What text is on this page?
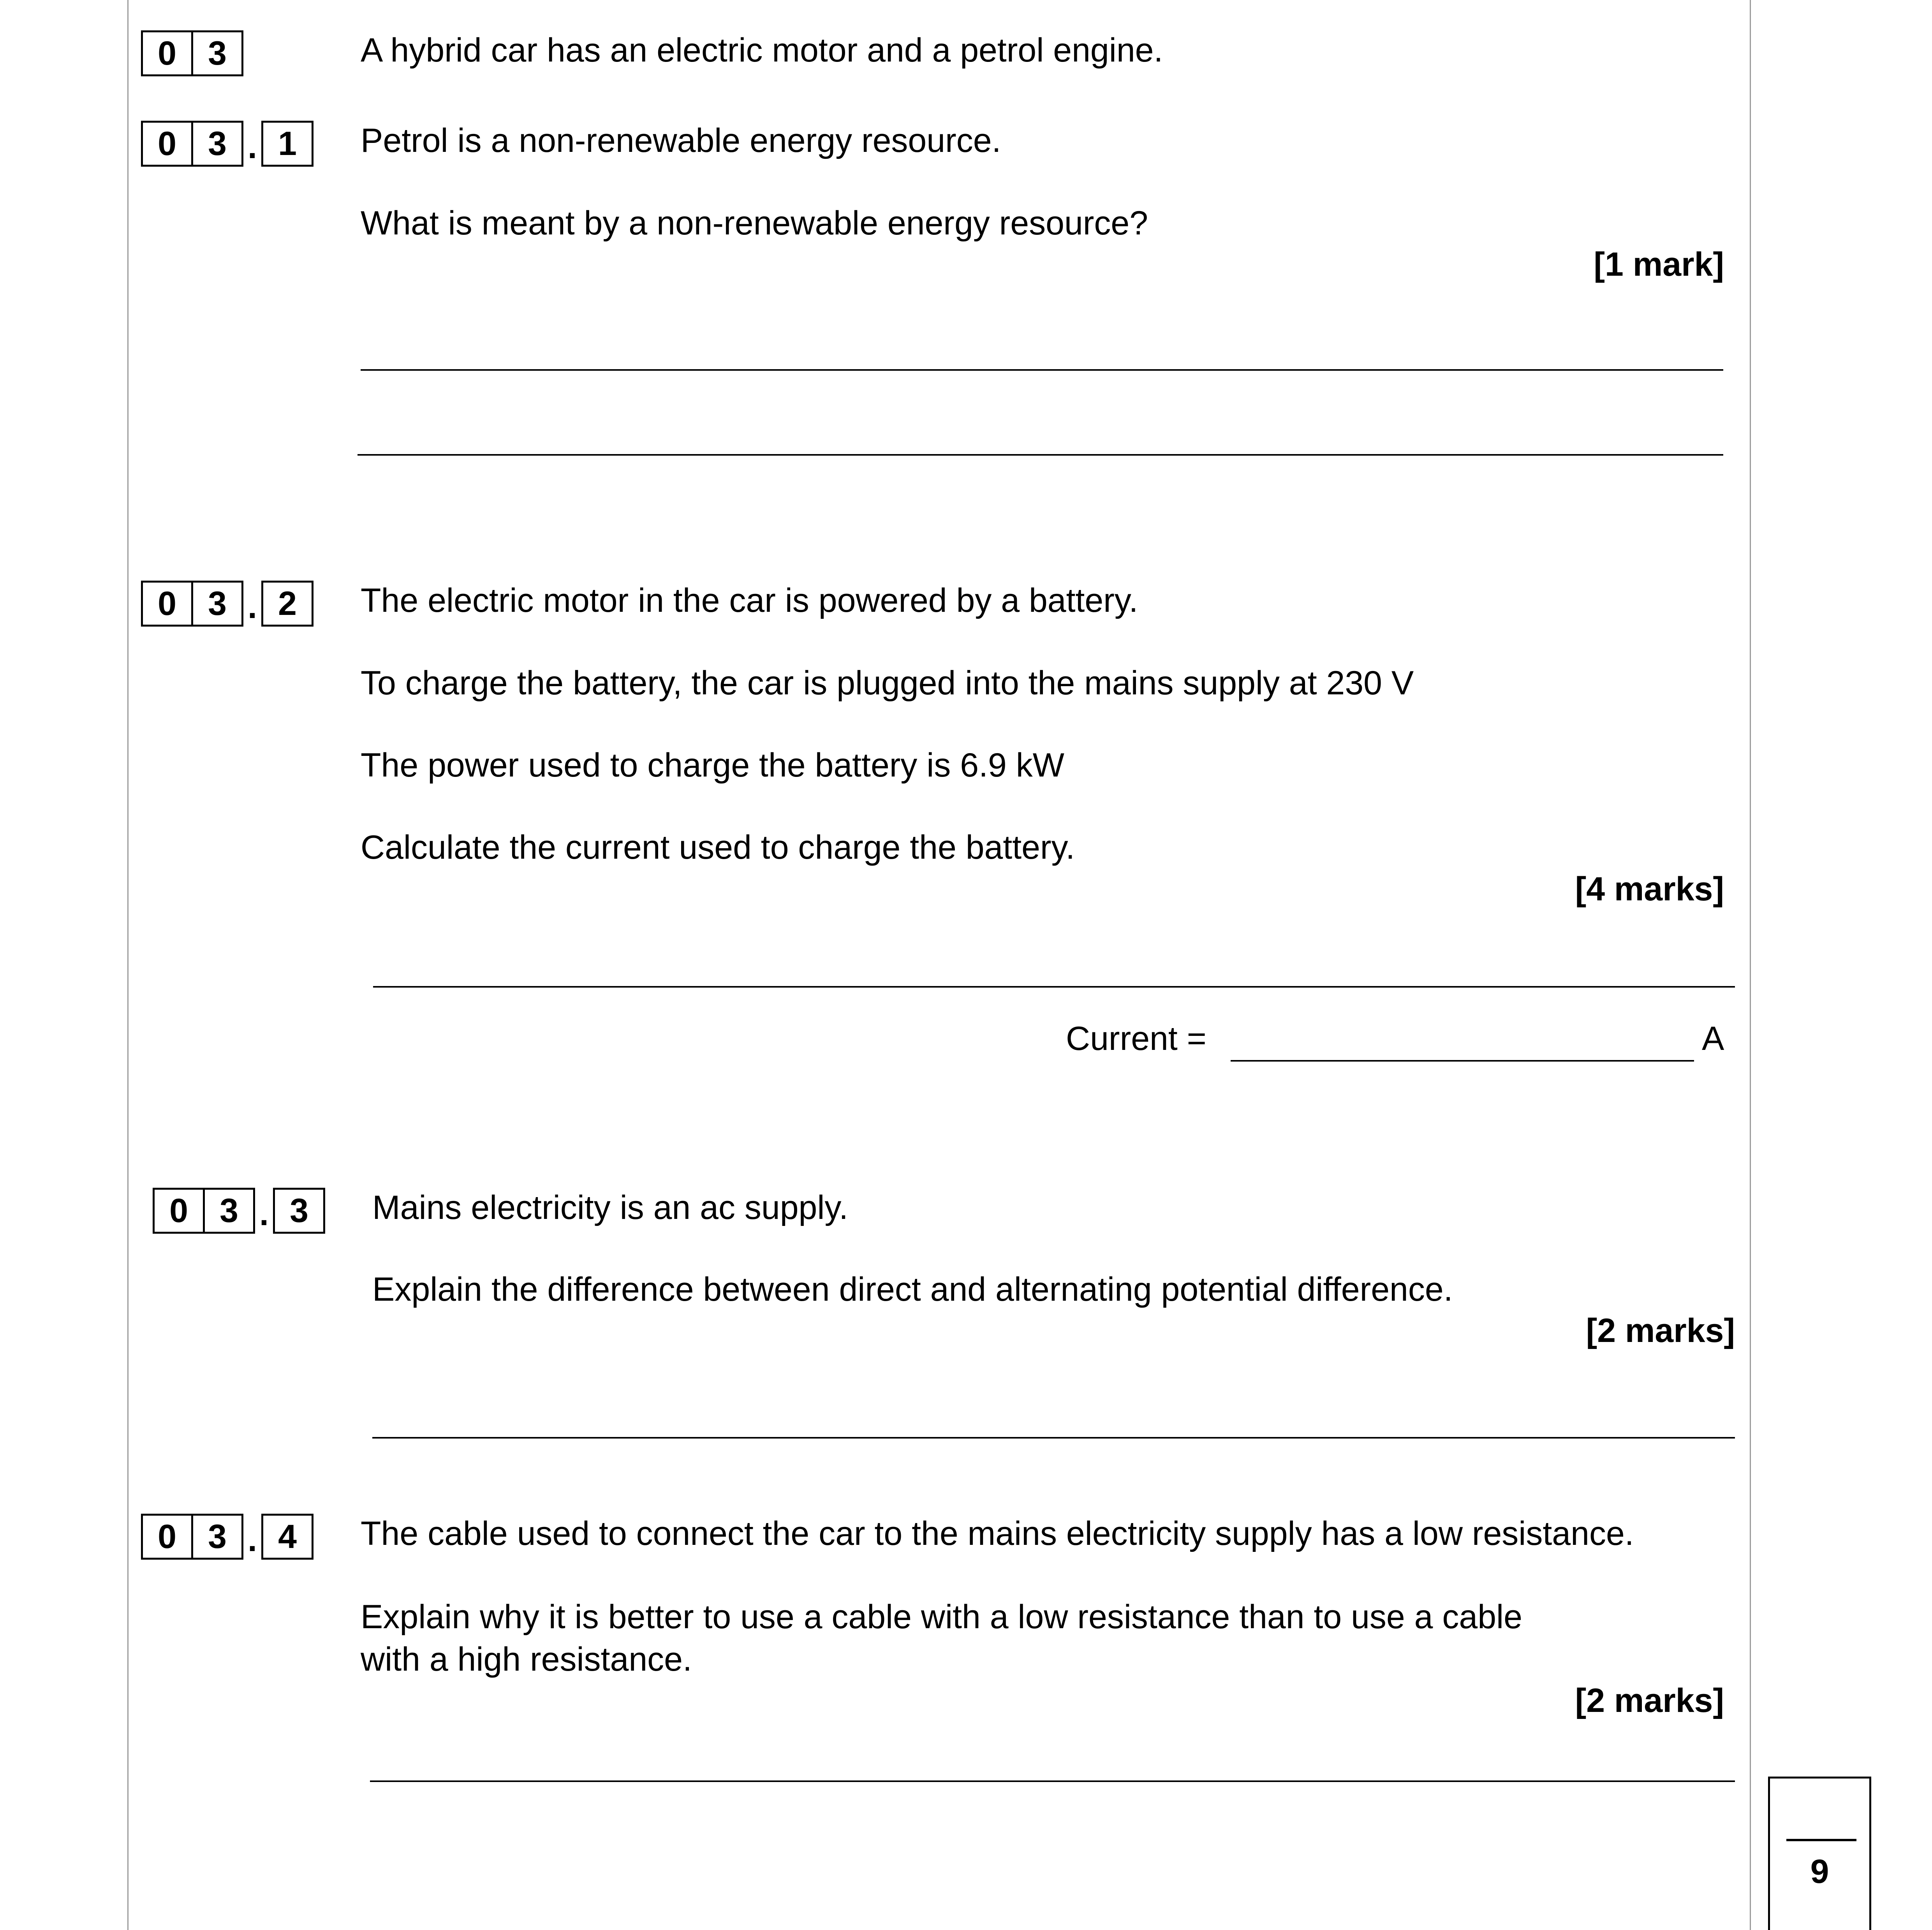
0 3	A hybrid car has an electric motor and a petrol engine.
0 3 . 1	Petrol is a non-renewable energy resource.
What is meant by a non-renewable energy resource?
[1 mark]
0 3 . 2	The electric motor in the car is powered by a battery.
To charge the battery, the car is plugged into the mains supply at 230 V
The power used to charge the battery is 6.9 kW
Calculate the current used to charge the battery.
[4 marks]
Current =	A
0 3 . 3	Mains electricity is an ac supply.
Explain the difference between direct and alternating potential difference.
[2 marks]
0 3 . 4	The cable used to connect the car to the mains electricity supply has a low resistance.
Explain why it is better to use a cable with a low resistance than to use a cable
with a high resistance.
[2 marks]
9
